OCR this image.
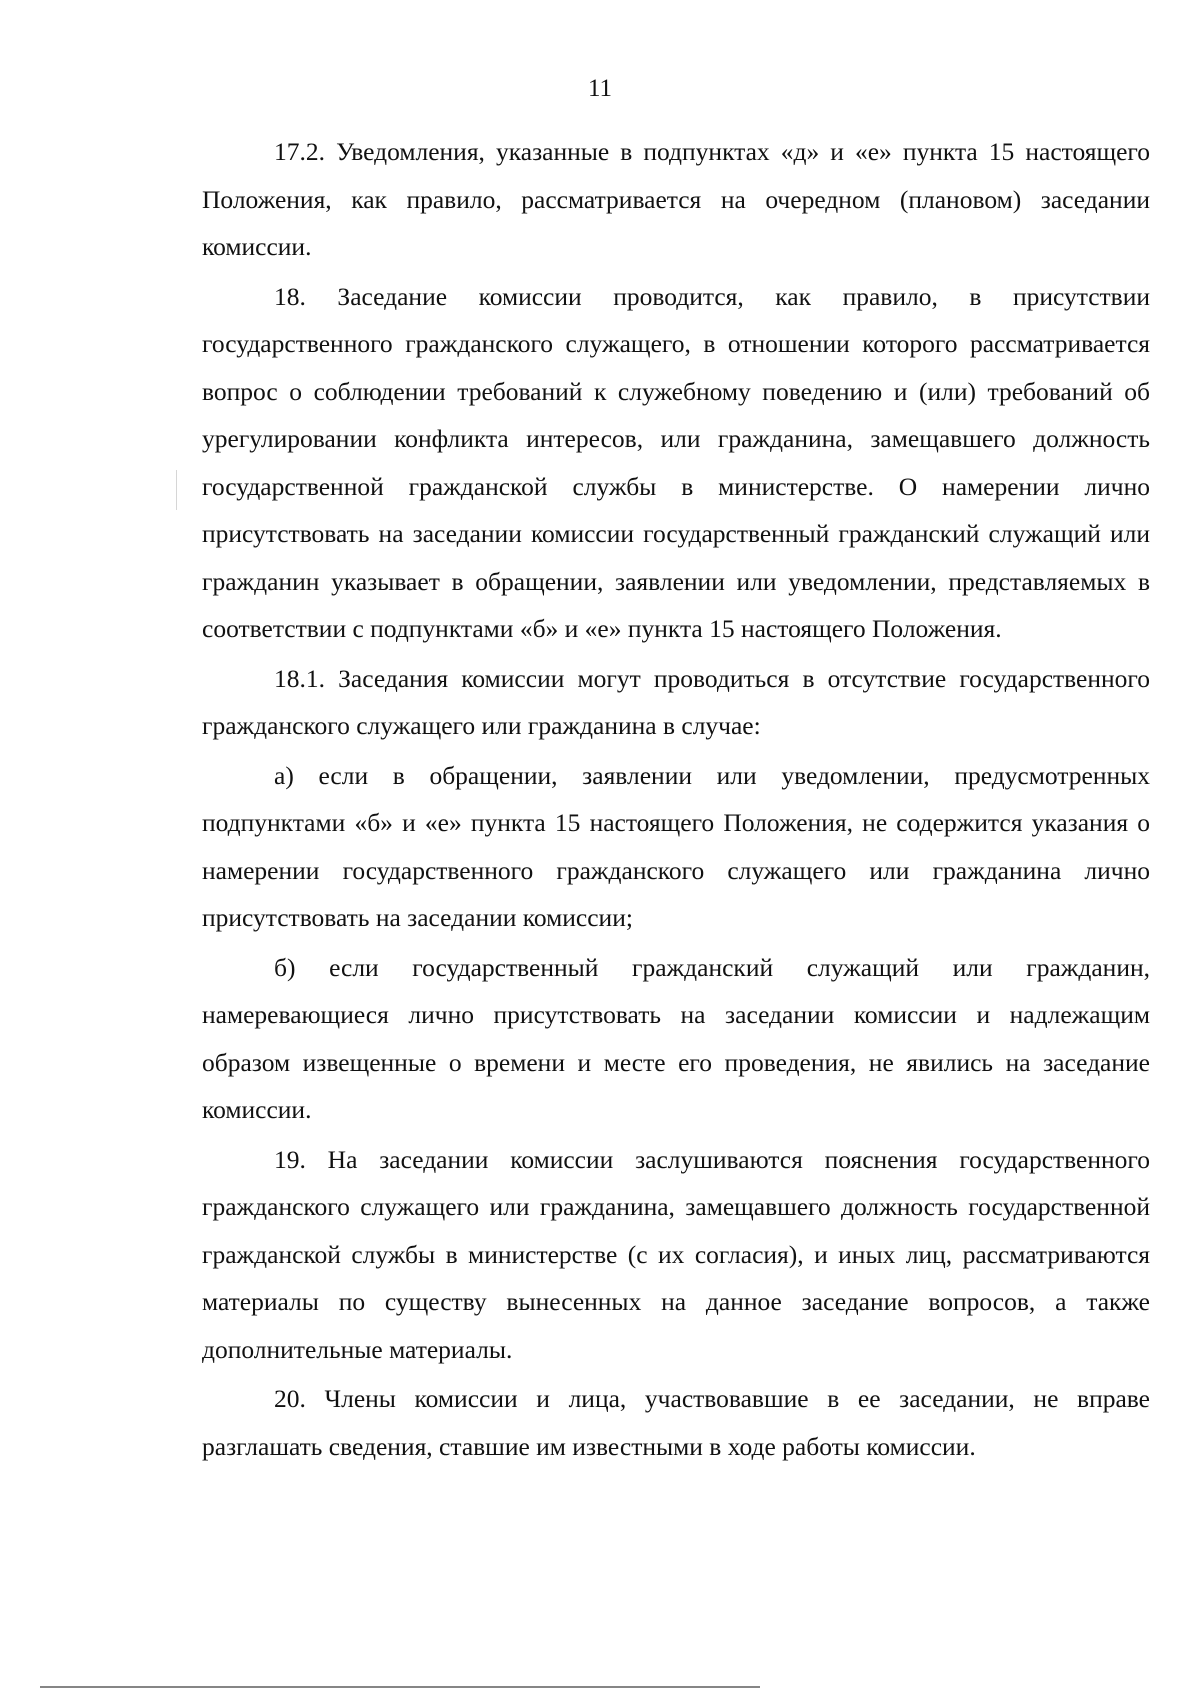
11

17.2. Уведомления, указанные в подпунктах «д» и «е» пункта 15 настоящего Положения, как правило, рассматривается на очередном (плановом) заседании комиссии.

18. Заседание комиссии проводится, как правило, в присутствии государственного гражданского служащего, в отношении которого рассматривается вопрос о соблюдении требований к служебному поведению и (или) требований об урегулировании конфликта интересов, или гражданина, замещавшего должность государственной гражданской службы в министерстве. О намерении лично присутствовать на заседании комиссии государственный гражданский служащий или гражданин указывает в обращении, заявлении или уведомлении, представляемых в соответствии с подпунктами «б» и «е» пункта 15 настоящего Положения.

18.1. Заседания комиссии могут проводиться в отсутствие государственного гражданского служащего или гражданина в случае:

а) если в обращении, заявлении или уведомлении, предусмотренных подпунктами «б» и «е» пункта 15 настоящего Положения, не содержится указания о намерении государственного гражданского служащего или гражданина лично присутствовать на заседании комиссии;

б) если государственный гражданский служащий или гражданин, намеревающиеся лично присутствовать на заседании комиссии и надлежащим образом извещенные о времени и месте его проведения, не явились на заседание комиссии.

19. На заседании комиссии заслушиваются пояснения государственного гражданского служащего или гражданина, замещавшего должность государственной гражданской службы в министерстве (с их согласия), и иных лиц, рассматриваются материалы по существу вынесенных на данное заседание вопросов, а также дополнительные материалы.

20. Члены комиссии и лица, участвовавшие в ее заседании, не вправе разглашать сведения, ставшие им известными в ходе работы комиссии.
